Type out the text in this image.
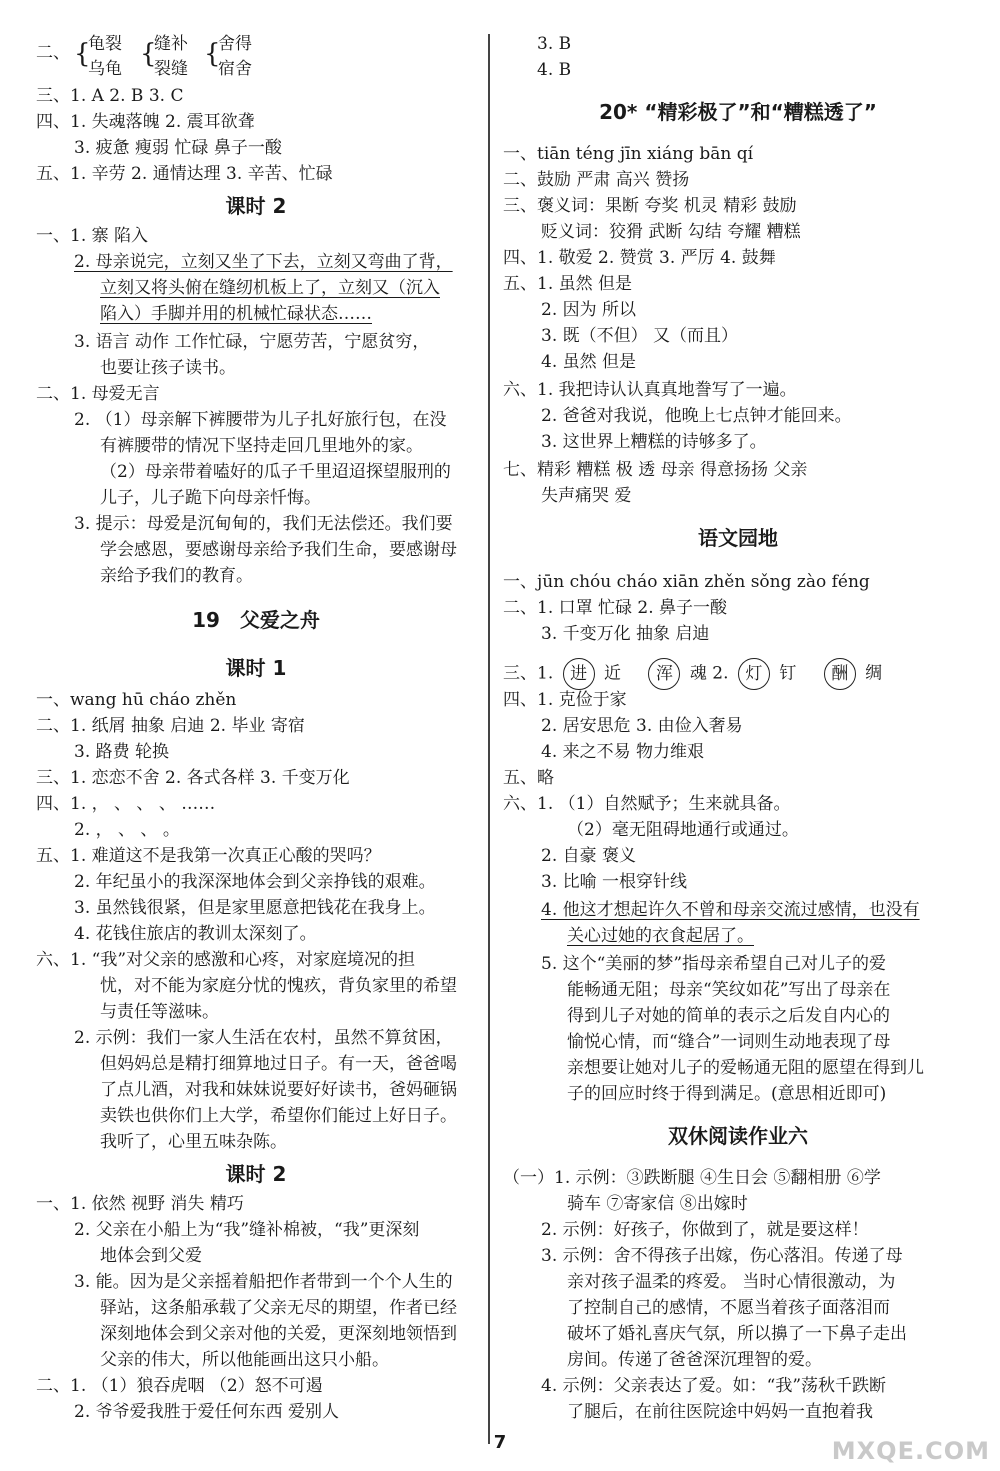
二、 {
龟裂
乌龟 {
缝补
裂缝 {
舍得
宿舍
三、1. A 2. B 3. C
四、1. 失魂落魄 2. 震耳欲聋
3. 疲惫 瘦弱 忙碌 鼻子一酸
五、1. 辛劳 2. 通情达理 3. 辛苦、忙碌
课时 2
一、1. 寨 陷入
2. 母亲说完，立刻又坐了下去，立刻又弯曲了背，
立刻又将头俯在缝纫机板上了，立刻又（沉入
陷入）手脚并用的机械忙碌状态……
3. 语言 动作 工作忙碌，宁愿劳苦，宁愿贫穷，
也要让孩子读书。
二、1. 母爱无言
2. （1）母亲解下裤腰带为儿子扎好旅行包，在没
有裤腰带的情况下坚持走回几里地外的家。
（2）母亲带着嗑好的瓜子千里迢迢探望服刑的
儿子，儿子跪下向母亲忏悔。
3. 提示：母爱是沉甸甸的，我们无法偿还。我们要
学会感恩，要感谢母亲给予我们生命，要感谢母
亲给予我们的教育。
19　父爱之舟
课时 1
一、wang hū cháo zhěn
二、1. 纸屑 抽象 启迪 2. 毕业 寄宿
3. 路费 轮换
三、1. 恋恋不舍 2. 各式各样 3. 千变万化
四、1. ， 、 、 、 ……
2. ， 、 、 。
五、1. 难道这不是我第一次真正心酸的哭吗？
2. 年纪虽小的我深深地体会到父亲挣钱的艰难。
3. 虽然钱很紧，但是家里愿意把钱花在我身上。
4. 花钱住旅店的教训太深刻了。
六、1. “我”对父亲的感激和心疼，对家庭境况的担
忧，对不能为家庭分忧的愧疚，背负家里的希望
与责任等滋味。
2. 示例：我们一家人生活在农村，虽然不算贫困，
但妈妈总是精打细算地过日子。有一天，爸爸喝
了点儿酒，对我和妹妹说要好好读书，爸妈砸锅
卖铁也供你们上大学，希望你们能过上好日子。
我听了，心里五味杂陈。
课时 2
一、1. 依然 视野 消失 精巧
2. 父亲在小船上为“我”缝补棉被，“我”更深刻
地体会到父爱
3. 能。因为是父亲摇着船把作者带到一个个人生的
驿站，这条船承载了父亲无尽的期望，作者已经
深刻地体会到父亲对他的关爱，更深刻地领悟到
父亲的伟大，所以他能画出这只小船。
二、1. （1）狼吞虎咽 （2）怒不可遏
2. 爷爷爱我胜于爱任何东西 爱别人
3. B
4. B
20* “精彩极了”和“糟糕透了”
一、tiān téng jīn xiáng bān qí
二、鼓励 严肃 高兴 赞扬
三、褒义词：果断 夸奖 机灵 精彩 鼓励
贬义词：狡猾 武断 勾结 夸耀 糟糕
四、1. 敬爱 2. 赞赏 3. 严厉 4. 鼓舞
五、1. 虽然 但是
2. 因为 所以
3. 既（不但） 又（而且）
4. 虽然 但是
六、1. 我把诗认认真真地誊写了一遍。
2. 爸爸对我说，他晚上七点钟才能回来。
3. 这世界上糟糕的诗够多了。
七、精彩 糟糕 极 透 母亲 得意扬扬 父亲
失声痛哭 爱
语文园地
一、jūn chóu cháo xiān zhěn sǒng zào féng
二、1. 口罩 忙碌 2. 鼻子一酸
3. 千变万化 抽象 启迪
三、1. 进 近 浑 魂 2. 灯 钉 酬 绸
四、1. 克俭于家
2. 居安思危 3. 由俭入奢易
4. 来之不易 物力维艰
五、略
六、1. （1）自然赋予；生来就具备。
（2）毫无阻碍地通行或通过。
2. 自豪 褒义
3. 比喻 一根穿针线
4. 他这才想起许久不曾和母亲交流过感情，也没有
关心过她的衣食起居了。
5. 这个“美丽的梦”指母亲希望自己对儿子的爱
能畅通无阻；母亲“笑纹如花”写出了母亲在
得到儿子对她的简单的表示之后发自内心的
愉悦心情，而“缝合”一词则生动地表现了母
亲想要让她对儿子的爱畅通无阻的愿望在得到儿
子的回应时终于得到满足。(意思相近即可)
双休阅读作业六
（一）1. 示例：③跌断腿 ④生日会 ⑤翻相册 ⑥学
骑车 ⑦寄家信 ⑧出嫁时
2. 示例：好孩子，你做到了，就是要这样！
3. 示例：舍不得孩子出嫁，伤心落泪。传递了母
亲对孩子温柔的疼爱。 当时心情很激动，为
了控制自己的感情，不愿当着孩子面落泪而
破坏了婚礼喜庆气氛，所以擤了一下鼻子走出
房间。传递了爸爸深沉理智的爱。
4. 示例：父亲表达了爱。如：“我”荡秋千跌断
了腿后，在前往医院途中妈妈一直抱着我
7	MXQE.COM
